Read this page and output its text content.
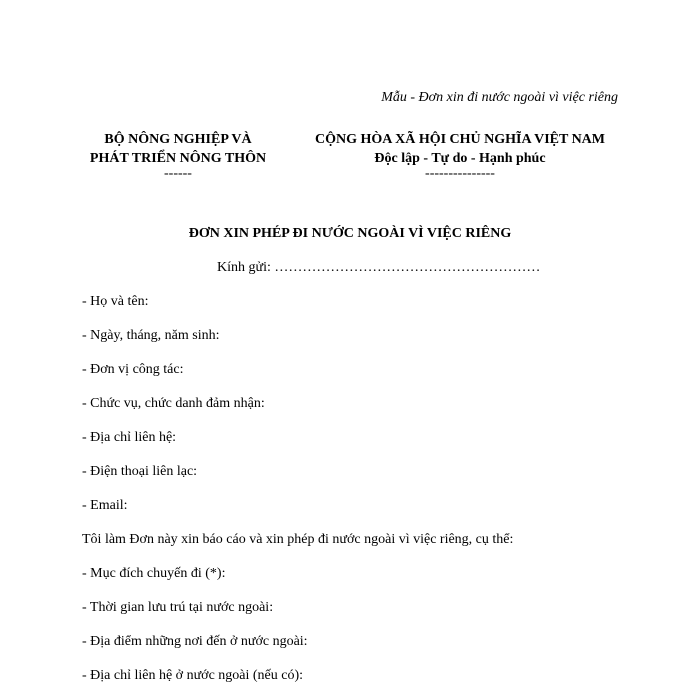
Mẫu - Đơn xin đi nước ngoài vì việc riêng
BỘ NÔNG NGHIỆP VÀ
PHÁT TRIỂN NÔNG THÔN
------
CỘNG HÒA XÃ HỘI CHỦ NGHĨA VIỆT NAM
Độc lập - Tự do - Hạnh phúc
---------------
ĐƠN XIN PHÉP ĐI NƯỚC NGOÀI VÌ VIỆC RIÊNG
Kính gửi: …………………………………………………
- Họ và tên:
- Ngày, tháng, năm sinh:
- Đơn vị công tác:
- Chức vụ, chức danh đảm nhận:
- Địa chỉ liên hệ:
- Điện thoại liên lạc:
- Email:
Tôi làm Đơn này xin báo cáo và xin phép đi nước ngoài vì việc riêng, cụ thể:
- Mục đích chuyến đi (*):
- Thời gian lưu trú tại nước ngoài:
- Địa điểm những nơi đến ở nước ngoài:
- Địa chỉ liên hệ ở nước ngoài (nếu có):
